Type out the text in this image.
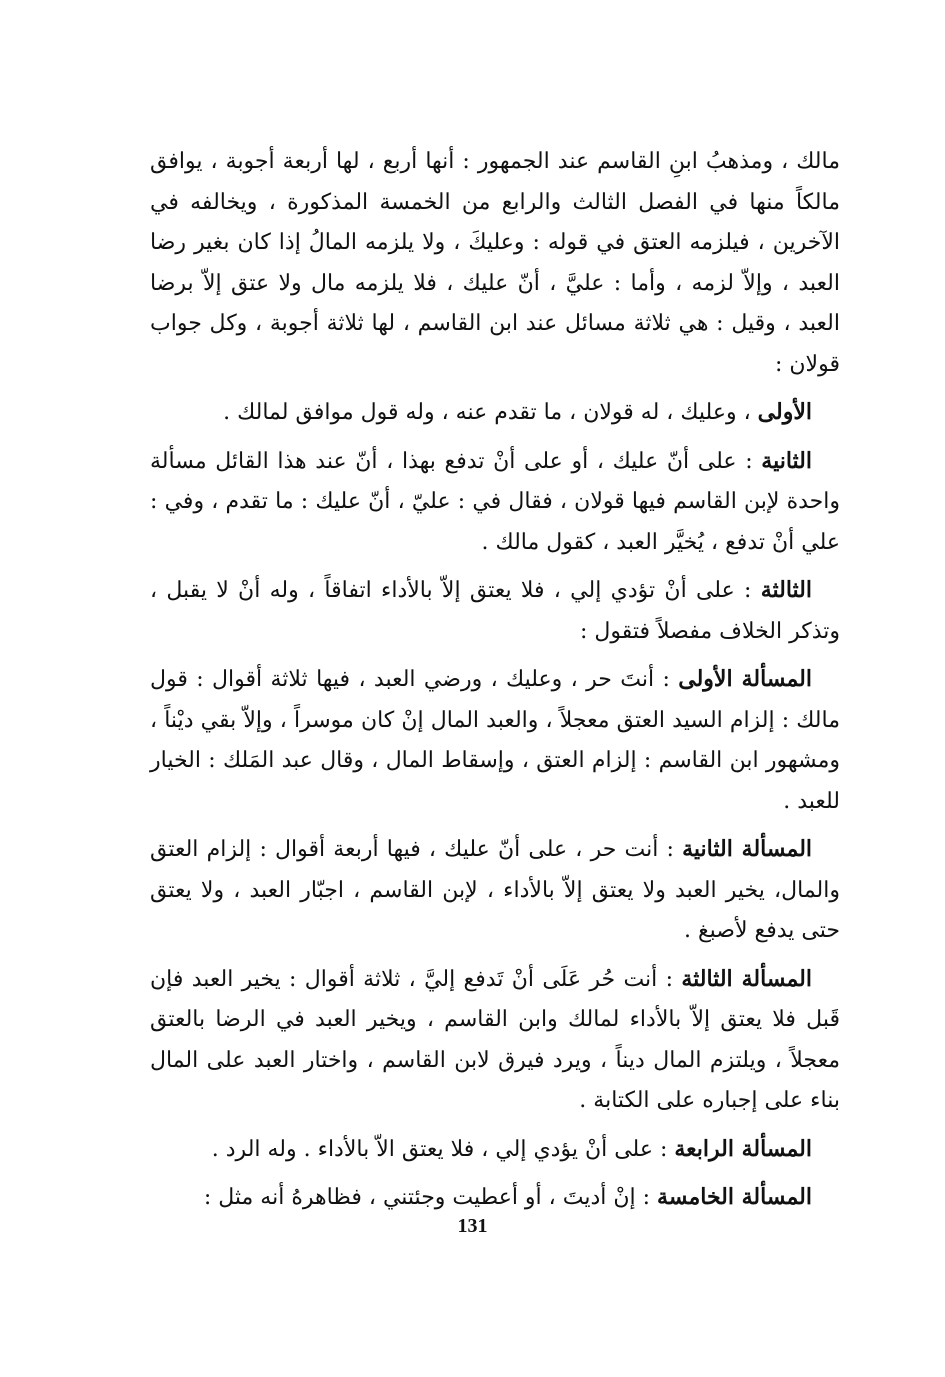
مالك ، ومذهبُ ابنِ القاسم عند الجمهور : أنها أربع ، لها أربعة أجوبة ، يوافق مالكاً منها في الفصل الثالث والرابع من الخمسة المذكورة ، ويخالفه في الآخرين ، فيلزمه العتق في قوله : وعليكَ ، ولا يلزمه المالُ إذا كان بغير رضا العبد ، وإلاّ لزمه ، وأما : عليَّ ، أنّ عليك ، فلا يلزمه مال ولا عتق إلاّ برضا العبد ، وقيل : هي ثلاثة مسائل عند ابن القاسم ، لها ثلاثة أجوبة ، وكل جواب قولان :

الأولى ، وعليك ، له قولان ، ما تقدم عنه ، وله قول موافق لمالك .

الثانية : على أنّ عليك ، أو على أنْ تدفع بهذا ، أنّ عند هذا القائل مسألة واحدة لإبن القاسم فيها قولان ، فقال في : عليّ ، أنّ عليك : ما تقدم ، وفي : علي أنْ تدفع ، يُخيَّر العبد ، كقول مالك .

الثالثة : على أنْ تؤدي إلي ، فلا يعتق إلاّ بالأداء اتفاقاً ، وله أنْ لا يقبل ، وتذكر الخلاف مفصلاً فتقول :

المسألة الأولى : أنتَ حر ، وعليك ، ورضي العبد ، فيها ثلاثة أقوال : قول مالك : إلزام السيد العتق معجلاً ، والعبد المال إنْ كان موسراً ، وإلاّ بقي ديْناً ، ومشهور ابن القاسم : إلزام العتق ، وإسقاط المال ، وقال عبد المَلك : الخيار للعبد .

المسألة الثانية : أنت حر ، على أنّ عليك ، فيها أربعة أقوال : إلزام العتق والمال، يخير العبد ولا يعتق إلاّ بالأداء ، لإبن القاسم ، اجبّار العبد ، ولا يعتق حتى يدفع لأصبغ .

المسألة الثالثة : أنت حُر عَلَى أنْ تَدفع إليَّ ، ثلاثة أقوال : يخير العبد فإن قَبل فلا يعتق إلاّ بالأداء لمالك وابن القاسم ، ويخير العبد في الرضا بالعتق معجلاً ، ويلتزم المال ديناً ، ويرد فيرق لابن القاسم ، واختار العبد على المال بناء على إجباره على الكتابة .

المسألة الرابعة : على أنْ يؤدي إلي ، فلا يعتق الاّ بالأداء . وله الرد .

المسألة الخامسة : إنْ أديتَ ، أو أعطيت وجئتني ، فظاهرهُ أنه مثل :

131
